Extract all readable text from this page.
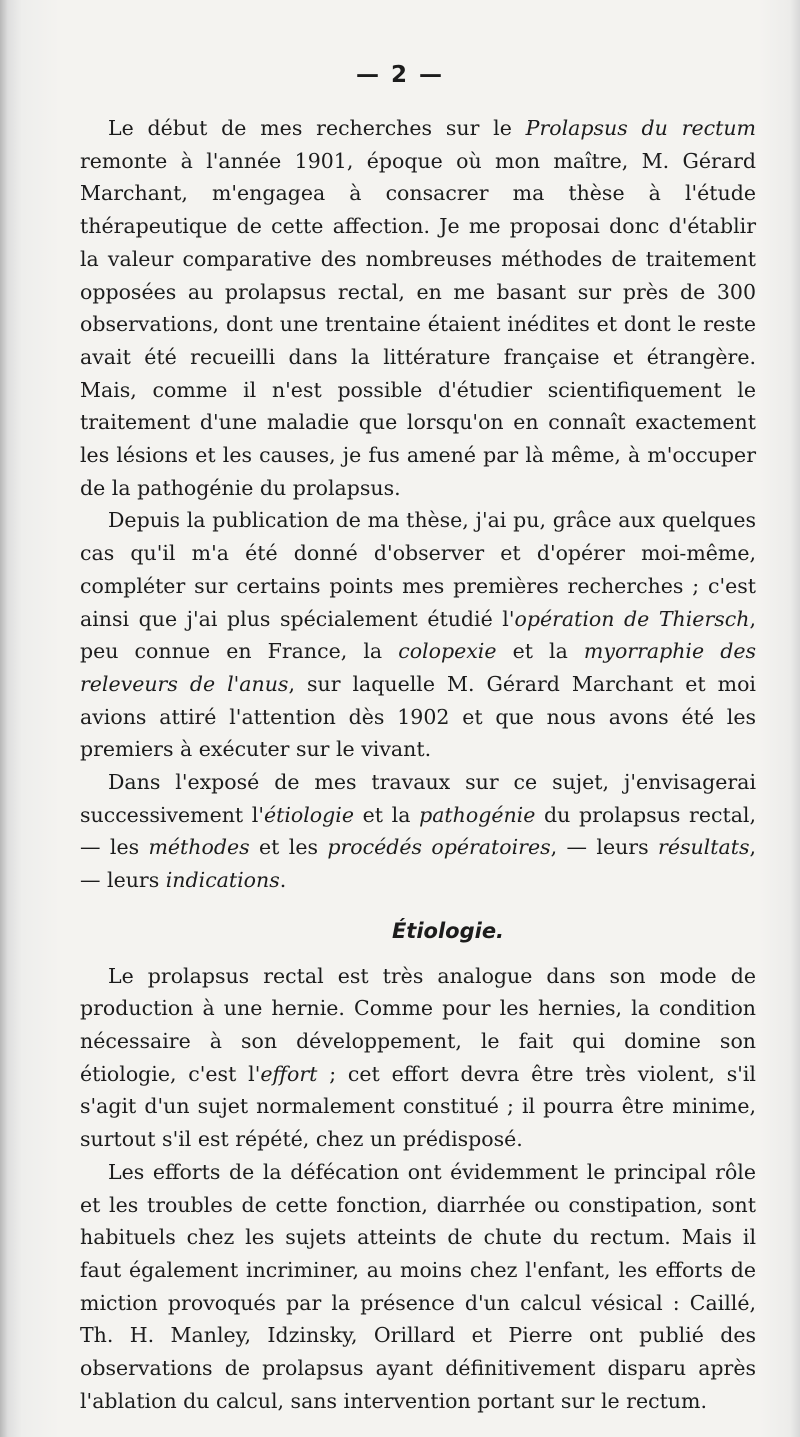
— 2 —

Le début de mes recherches sur le Prolapsus du rectum remonte à l'année 1901, époque où mon maître, M. Gérard Marchant, m'engagea à consacrer ma thèse à l'étude thérapeutique de cette affection. Je me proposai donc d'établir la valeur comparative des nombreuses méthodes de traitement opposées au prolapsus rectal, en me basant sur près de 300 observations, dont une trentaine étaient inédites et dont le reste avait été recueilli dans la littérature française et étrangère. Mais, comme il n'est possible d'étudier scientifiquement le traitement d'une maladie que lorsqu'on en connaît exactement les lésions et les causes, je fus amené par là même, à m'occuper de la pathogénie du prolapsus.

Depuis la publication de ma thèse, j'ai pu, grâce aux quelques cas qu'il m'a été donné d'observer et d'opérer moi-même, compléter sur certains points mes premières recherches ; c'est ainsi que j'ai plus spécialement étudié l'opération de Thiersch, peu connue en France, la colopexie et la myorraphie des releveurs de l'anus, sur laquelle M. Gérard Marchant et moi avions attiré l'attention dès 1902 et que nous avons été les premiers à exécuter sur le vivant.

Dans l'exposé de mes travaux sur ce sujet, j'envisagerai successivement l'étiologie et la pathogénie du prolapsus rectal, — les méthodes et les procédés opératoires, — leurs résultats, — leurs indications.

Étiologie.

Le prolapsus rectal est très analogue dans son mode de production à une hernie. Comme pour les hernies, la condition nécessaire à son développement, le fait qui domine son étiologie, c'est l'effort ; cet effort devra être très violent, s'il s'agit d'un sujet normalement constitué ; il pourra être minime, surtout s'il est répété, chez un prédisposé.

Les efforts de la défécation ont évidemment le principal rôle et les troubles de cette fonction, diarrhée ou constipation, sont habituels chez les sujets atteints de chute du rectum. Mais il faut également incriminer, au moins chez l'enfant, les efforts de miction provoqués par la présence d'un calcul vésical : Caillé, Th. H. Manley, Idzinsky, Orillard et Pierre ont publié des observations de prolapsus ayant définitivement disparu après l'ablation du calcul, sans intervention portant sur le rectum.
